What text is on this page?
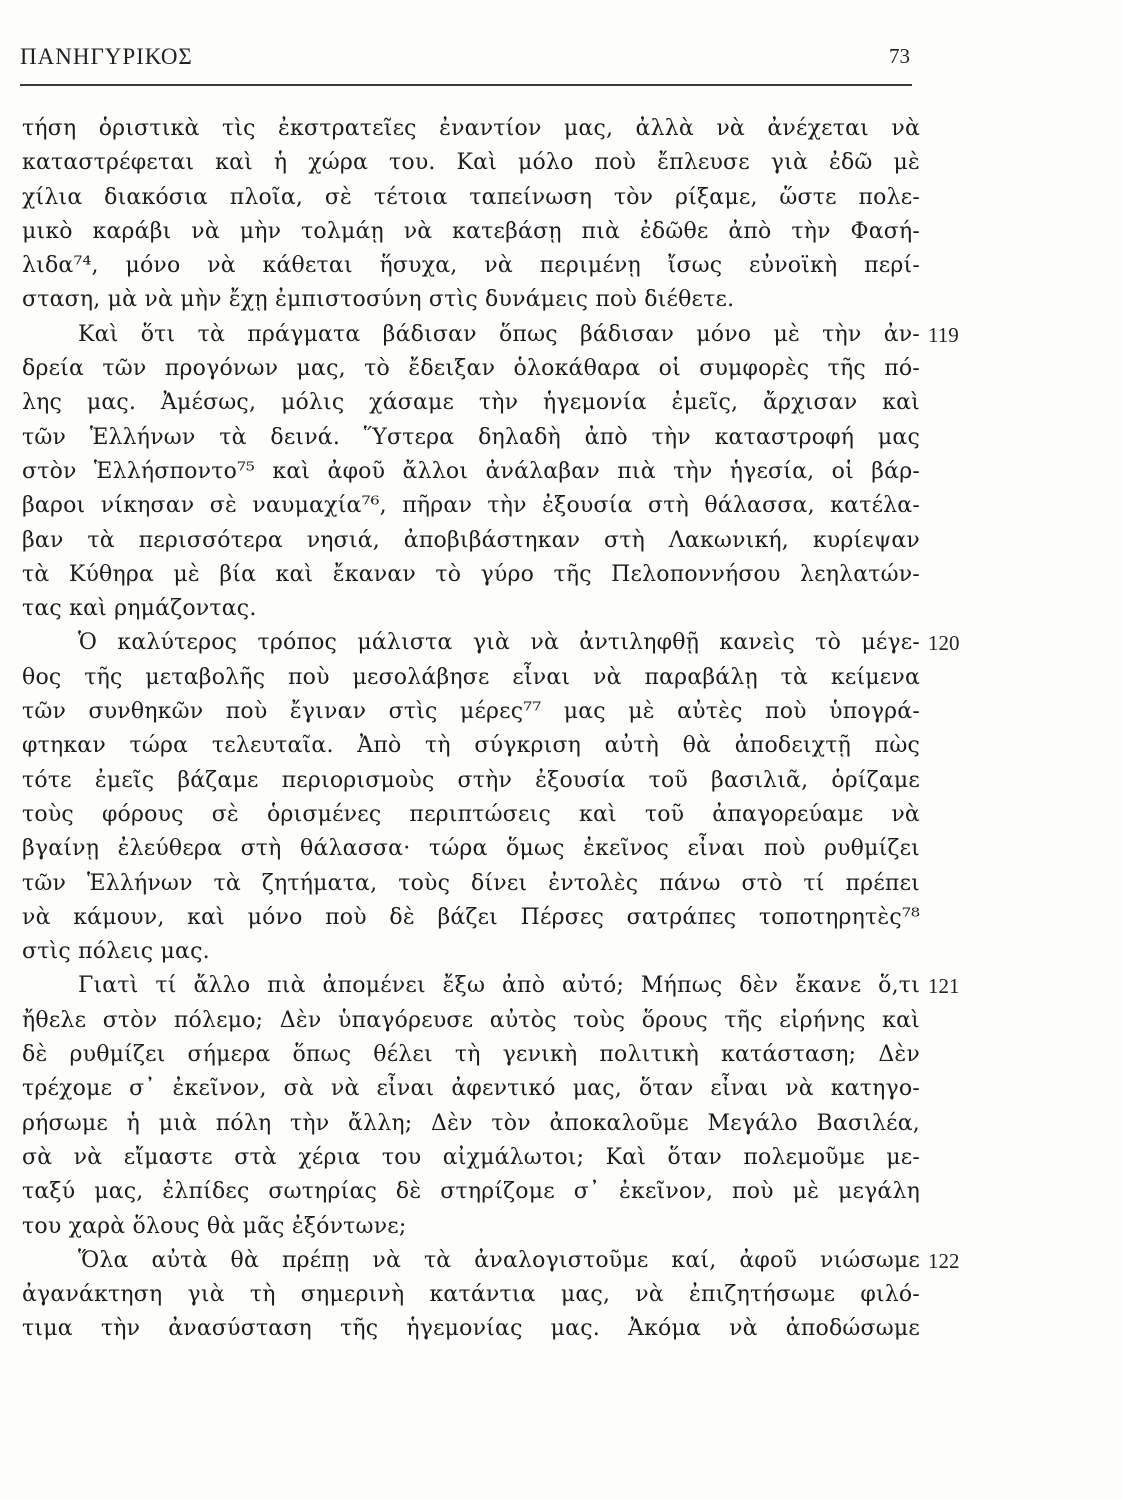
ΠΑΝΗΓΥΡΙΚΟΣ	73
τήση ὁριστικὰ τὶς ἐκστρατεῖες ἐναντίον μας, ἀλλὰ νὰ ἀνέχεται νὰ
καταστρέφεται καὶ ἡ χώρα του. Καὶ μόλο ποὺ ἔπλευσε γιὰ ἐδῶ μὲ
χίλια διακόσια πλοῖα, σὲ τέτοια ταπείνωση τὸν ρίξαμε, ὥστε πολε-
μικὸ καράβι νὰ μὴν τολμάῃ νὰ κατεβάσῃ πιὰ ἐδῶθε ἀπὸ τὴν Φασή-
λιδα⁷⁴, μόνο νὰ κάθεται ἥσυχα, νὰ περιμένῃ ἴσως εὐνοϊκὴ περί-
σταση, μὰ νὰ μὴν ἔχῃ ἐμπιστοσύνη στὶς δυνάμεις ποὺ διέθετε.
Καὶ ὅτι τὰ πράγματα βάδισαν ὅπως βάδισαν μόνο μὲ τὴν ἀν- 119
δρεία τῶν προγόνων μας, τὸ ἔδειξαν ὁλοκάθαρα οἱ συμφορὲς τῆς πό-
λης μας. Ἀμέσως, μόλις χάσαμε τὴν ἡγεμονία ἐμεῖς, ἄρχισαν καὶ
τῶν Ἑλλήνων τὰ δεινά. Ὕστερα δηλαδὴ ἀπὸ τὴν καταστροφή μας
στὸν Ἑλλήσποντο⁷⁵ καὶ ἀφοῦ ἄλλοι ἀνάλαβαν πιὰ τὴν ἡγεσία, οἱ βάρ-
βαροι νίκησαν σὲ ναυμαχία⁷⁶, πῆραν τὴν ἐξουσία στὴ θάλασσα, κατέλα-
βαν τὰ περισσότερα νησιά, ἀποβιβάστηκαν στὴ Λακωνική, κυρίεψαν
τὰ Κύθηρα μὲ βία καὶ ἔκαναν τὸ γύρο τῆς Πελοποννήσου λεηλατών-
τας καὶ ρημάζοντας.
Ὁ καλύτερος τρόπος μάλιστα γιὰ νὰ ἀντιληφθῇ κανεὶς τὸ μέγε- 120
θος τῆς μεταβολῆς ποὺ μεσολάβησε εἶναι νὰ παραβάλῃ τὰ κείμενα
τῶν συνθηκῶν ποὺ ἔγιναν στὶς μέρες⁷⁷ μας μὲ αὐτὲς ποὺ ὑπογρά-
φτηκαν τώρα τελευταῖα. Ἀπὸ τὴ σύγκριση αὐτὴ θὰ ἀποδειχτῇ πὼς
τότε ἐμεῖς βάζαμε περιορισμοὺς στὴν ἐξουσία τοῦ βασιλιᾶ, ὁρίζαμε
τοὺς φόρους σὲ ὁρισμένες περιπτώσεις καὶ τοῦ ἀπαγορεύαμε νὰ
βγαίνῃ ἐλεύθερα στὴ θάλασσα· τώρα ὅμως ἐκεῖνος εἶναι ποὺ ρυθμίζει
τῶν Ἑλλήνων τὰ ζητήματα, τοὺς δίνει ἐντολὲς πάνω στὸ τί πρέπει
νὰ κάμουν, καὶ μόνο ποὺ δὲ βάζει Πέρσες σατράπες τοποτηρητὲς⁷⁸
στὶς πόλεις μας.
Γιατὶ τί ἄλλο πιὰ ἀπομένει ἔξω ἀπὸ αὐτό; Μήπως δὲν ἔκανε ὅ,τι 121
ἤθελε στὸν πόλεμο; Δὲν ὑπαγόρευσε αὐτὸς τοὺς ὅρους τῆς εἰρήνης καὶ
δὲ ρυθμίζει σήμερα ὅπως θέλει τὴ γενικὴ πολιτικὴ κατάσταση; Δὲν
τρέχομε σ᾽ ἐκεῖνον, σὰ νὰ εἶναι ἀφεντικό μας, ὅταν εἶναι νὰ κατηγο-
ρήσωμε ἡ μιὰ πόλη τὴν ἄλλη; Δὲν τὸν ἀποκαλοῦμε Μεγάλο Βασιλέα,
σὰ νὰ εἴμαστε στὰ χέρια του αἰχμάλωτοι; Καὶ ὅταν πολεμοῦμε με-
ταξύ μας, ἐλπίδες σωτηρίας δὲ στηρίζομε σ᾽ ἐκεῖνον, ποὺ μὲ μεγάλη
του χαρὰ ὅλους θὰ μᾶς ἐξόντωνε;
Ὅλα αὐτὰ θὰ πρέπῃ νὰ τὰ ἀναλογιστοῦμε καί, ἀφοῦ νιώσωμε 122
ἀγανάκτηση γιὰ τὴ σημερινὴ κατάντια μας, νὰ ἐπιζητήσωμε φιλό-
τιμα τὴν ἀνασύσταση τῆς ἡγεμονίας μας. Ἀκόμα νὰ ἀποδώσωμε
